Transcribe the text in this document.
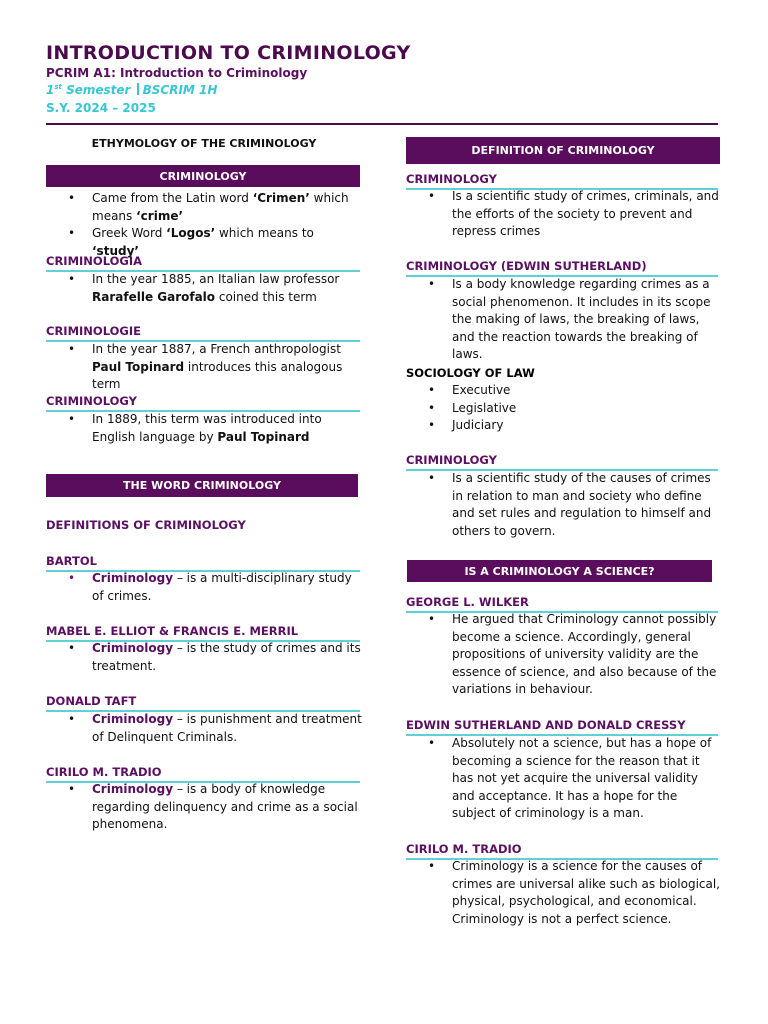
INTRODUCTION TO CRIMINOLOGY
PCRIM A1: Introduction to Criminology
1st Semester BSCRIM 1H
S.Y. 2024 – 2025
ETHYMOLOGY OF THE CRIMINOLOGY
CRIMINOLOGY
• Came from the Latin word ‘Crimen’ which means ‘crime’
• Greek Word ‘Logos’ which means to ‘study’
CRIMINOLOGIA
• In the year 1885, an Italian law professor Rarafelle Garofalo coined this term
CRIMINOLOGIE
• In the year 1887, a French anthropologist Paul Topinard introduces this analogous term
CRIMINOLOGY
• In 1889, this term was introduced into English language by Paul Topinard
THE WORD CRIMINOLOGY
DEFINITIONS OF CRIMINOLOGY
BARTOL
• Criminology – is a multi-disciplinary study of crimes.
MABEL E. ELLIOT & FRANCIS E. MERRIL
• Criminology – is the study of crimes and its treatment.
DONALD TAFT
• Criminology – is punishment and treatment of Delinquent Criminals.
CIRILO M. TRADIO
• Criminology – is a body of knowledge regarding delinquency and crime as a social phenomena.
DEFINITION OF CRIMINOLOGY
CRIMINOLOGY
• Is a scientific study of crimes, criminals, and the efforts of the society to prevent and repress crimes
CRIMINOLOGY (EDWIN SUTHERLAND)
• Is a body knowledge regarding crimes as a social phenomenon. It includes in its scope the making of laws, the breaking of laws, and the reaction towards the breaking of laws.
SOCIOLOGY OF LAW
• Executive
• Legislative
• Judiciary
CRIMINOLOGY
• Is a scientific study of the causes of crimes in relation to man and society who define and set rules and regulation to himself and others to govern.
IS A CRIMINOLOGY A SCIENCE?
GEORGE L. WILKER
• He argued that Criminology cannot possibly become a science. Accordingly, general propositions of university validity are the essence of science, and also because of the variations in behaviour.
EDWIN SUTHERLAND AND DONALD CRESSY
• Absolutely not a science, but has a hope of becoming a science for the reason that it has not yet acquire the universal validity and acceptance. It has a hope for the subject of criminology is a man.
CIRILO M. TRADIO
• Criminology is a science for the causes of crimes are universal alike such as biological, physical, psychological, and economical. Criminology is not a perfect science.
